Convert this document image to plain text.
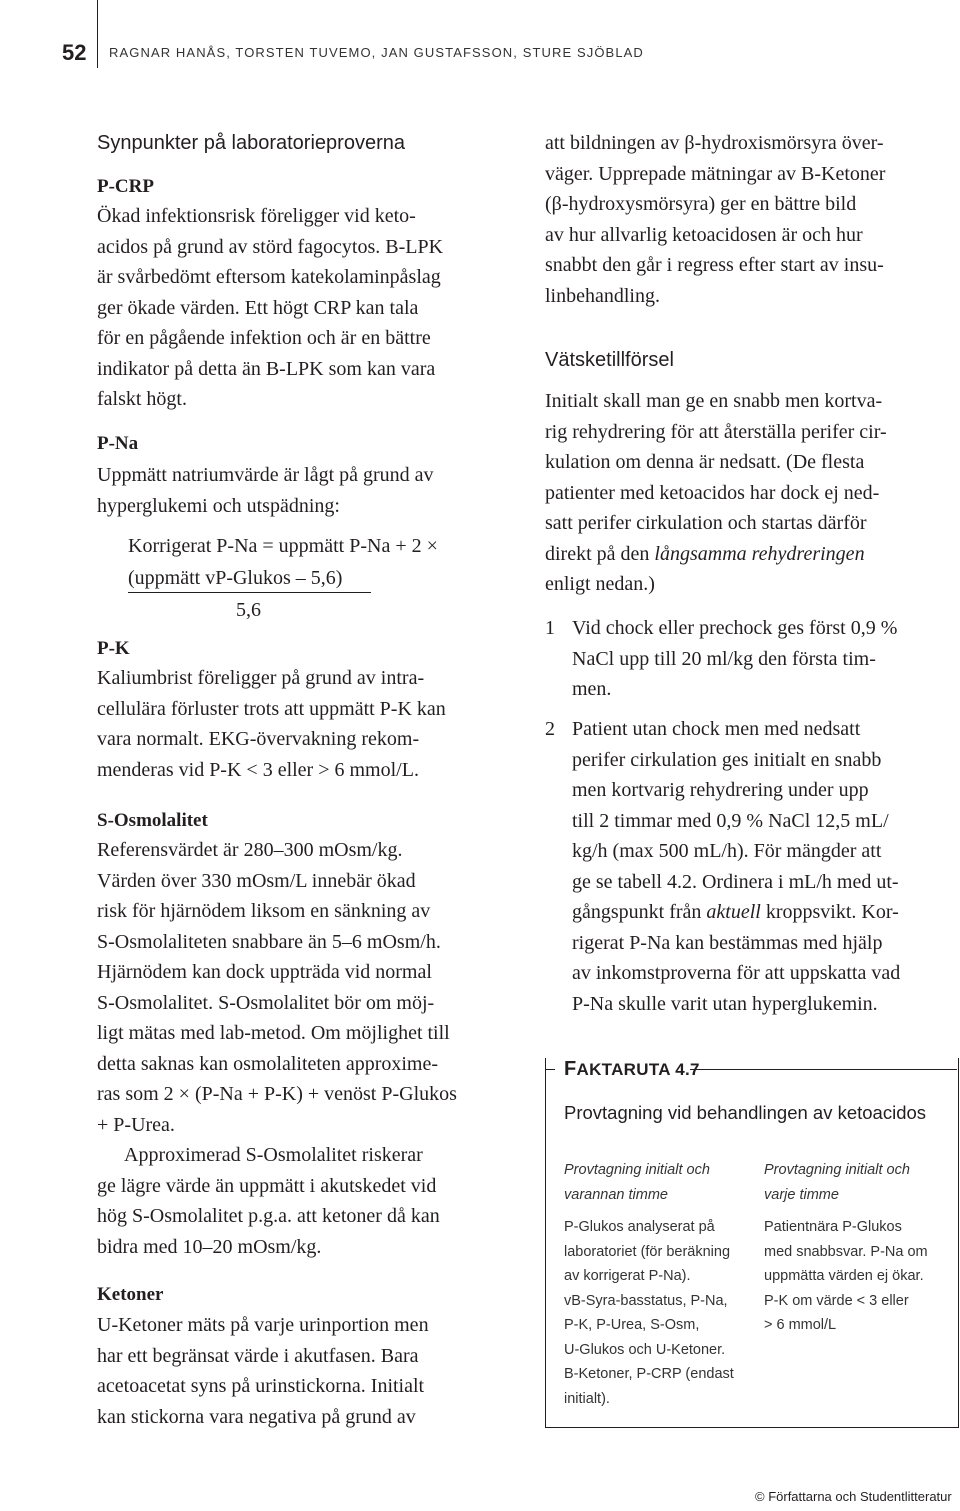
52 RAGNAR HANÅS, TORSTEN TUVEMO, JAN GUSTAFSSON, STURE SJÖBLAD
Synpunkter på laboratorieproverna
P-CRP

Ökad infektionsrisk föreligger vid keto-

acidos på grund av störd fagocytos. B-LPK

är svårbedömt eftersom katekolaminpåslag

ger ökade värden. Ett högt CRP kan tala

för en pågående infektion och är en bättre

indikator på detta än B-LPK som kan vara

falskt högt.

P-Na

Uppmätt natriumvärde är lågt på grund av

hyperglukemi och utspädning:

Korrigerat P-Na = uppmätt P-Na + 2 ×
(uppmätt vP-Glukos – 5,6)
5,6
P-K

Kaliumbrist föreligger på grund av intra-

cellulära förluster trots att uppmätt P-K kan

vara normalt. EKG-övervakning rekom-

menderas vid P-K < 3 eller > 6 mmol/L.

S-Osmolalitet

Referensvärdet är 280–300 mOsm/kg.

Värden över 330 mOsm/L innebär ökad

risk för hjärnödem liksom en sänkning av

S-Osmolaliteten snabbare än 5–6 mOsm/h.

Hjärnödem kan dock uppträda vid normal

S-Osmolalitet. S-Osmolalitet bör om möj-

ligt mätas med lab-metod. Om möjlighet till

detta saknas kan osmolaliteten approxime-

ras som 2 × (P-Na + P-K) + venöst P-Glukos

+ P-Urea.

Approximerad S-Osmolalitet riskerar

ge lägre värde än uppmätt i akutskedet vid

hög S-Osmolalitet p.g.a. att ketoner då kan

bidra med 10–20 mOsm/kg.

Ketoner

U-Ketoner mäts på varje urinportion men

har ett begränsat värde i akutfasen. Bara

acetoacetat syns på urinstickorna. Initialt

kan stickorna vara negativa på grund av

att bildningen av β-hydroxismörsyra över-

väger. Upprepade mätningar av B-Ketoner

(β-hydroxysmörsyra) ger en bättre bild

av hur allvarlig ketoacidosen är och hur

snabbt den går i regress efter start av insu-

linbehandling.

Vätsketillförsel

Initialt skall man ge en snabb men kortva-

rig rehydrering för att återställa perifer cir-

kulation om denna är nedsatt. (De flesta

patienter med ketoacidos har dock ej ned-

satt perifer cirkulation och startas därför

direkt på den långsamma rehydreringen

enligt nedan.)

1 Vid chock eller prechock ges först 0,9 %

NaCl upp till 20 ml/kg den första tim-

men.

2 Patient utan chock men med nedsatt

perifer cirkulation ges initialt en snabb

men kortvarig rehydrering under upp

till 2 timmar med 0,9 % NaCl 12,5 mL/

kg/h (max 500 mL/h). För mängder att

ge se tabell 4.2. Ordinera i mL/h med ut-

gångspunkt från aktuell kroppsvikt. Kor-

rigerat P-Na kan bestämmas med hjälp

av inkomstproverna för att uppskatta vad

P-Na skulle varit utan hyperglukemin.

FAKTARUTA 4.7
Provtagning vid behandlingen av ketoacidos

Provtagning initialt och

varannan timme

P-Glukos analyserat på

laboratoriet (för beräkning

av korrigerat P-Na).

vB-Syra-basstatus, P-Na,

P-K, P-Urea, S-Osm,

U-Glukos och U-Ketoner.

B-Ketoner, P-CRP (endast

initialt).

Provtagning initialt och

varje timme

Patientnära P-Glukos

med snabbsvar. P-Na om

uppmätta värden ej ökar.

P-K om värde < 3 eller

> 6 mmol/L

© Författarna och Studentlitteratur
